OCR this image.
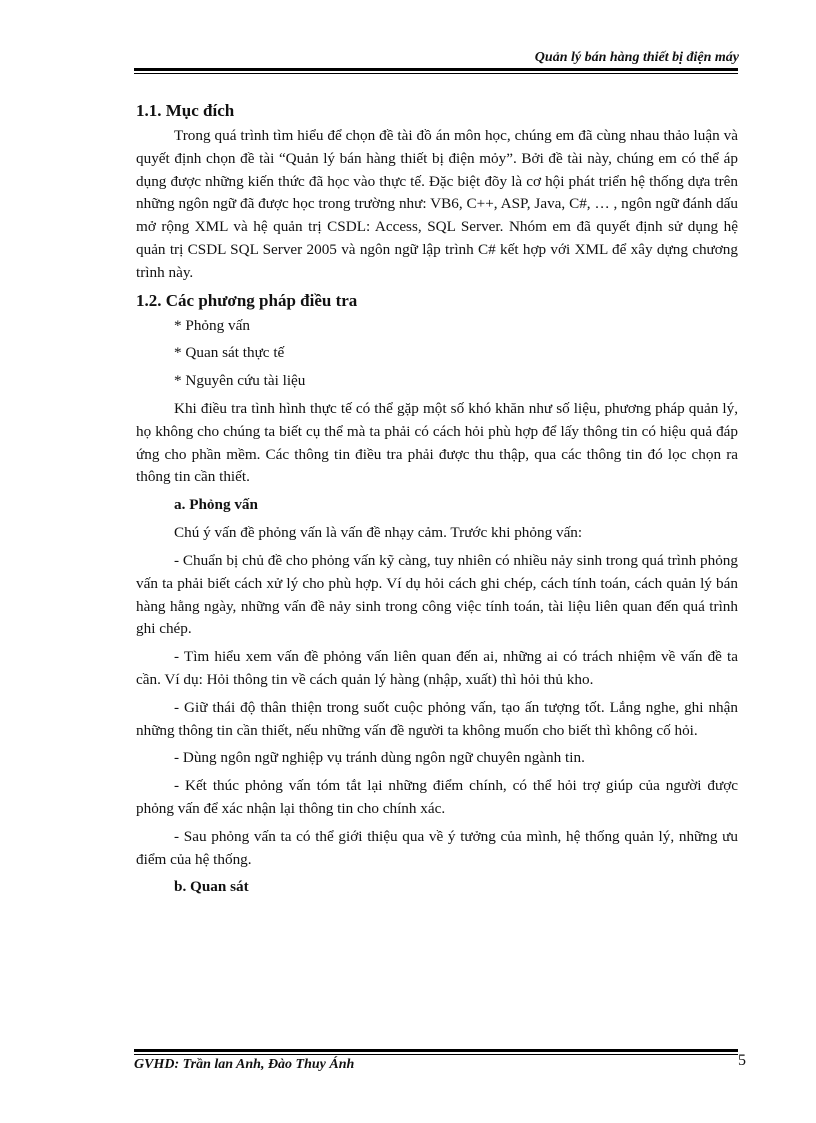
Quản lý bán hàng thiết bị điện máy
1.1. Mục đích

Trong quá trình tìm hiểu để chọn đề tài đồ án môn học, chúng em đã cùng nhau thảo luận và quyết định chọn đề tài “Quản lý bán hàng thiết bị điện mỏy”. Bởi đề tài này, chúng em có thể áp dụng được những kiến thức đã học vào thực tế. Đặc biệt đõy là cơ hội phát triển hệ thống dựa trên những ngôn ngữ đã được học trong trường như: VB6, C++, ASP, Java, C#, … , ngôn ngữ đánh dấu mở rộng XML và hệ quản trị CSDL: Access, SQL Server. Nhóm em đã quyết định sử dụng hệ quản trị CSDL SQL Server 2005 và ngôn ngữ lập trình C# kết hợp với XML để xây dựng chương trình này.

1.2. Các phương pháp điều tra
* Phỏng vấn
* Quan sát thực tế
* Nguyên cứu tài liệu

Khi điều tra tình hình thực tế có thể gặp một số khó khăn như số liệu, phương pháp quản lý, họ không cho chúng ta biết cụ thể mà ta phải có cách hỏi phù hợp để lấy thông tin có hiệu quả đáp ứng cho phần mềm. Các thông tin điều tra phải được thu thập, qua các thông tin đó lọc chọn ra thông tin cần thiết.

a. Phỏng vấn

Chú ý vấn đề phỏng vấn là vấn đề nhạy cảm. Trước khi phỏng vấn:

- Chuẩn bị chủ đề cho phỏng vấn kỹ càng, tuy nhiên có nhiều nảy sinh trong quá trình phỏng vấn ta phải biết cách xử lý cho phù hợp. Ví dụ hỏi cách ghi chép, cách tính toán, cách quản lý bán hàng hằng ngày, những vấn đề nảy sinh trong công việc tính toán, tài liệu liên quan đến quá trình ghi chép.

- Tìm hiểu xem vấn đề phỏng vấn liên quan đến ai, những ai có trách nhiệm về vấn đề ta cần. Ví dụ: Hỏi thông tin về cách quản lý hàng (nhập, xuất) thì hỏi thủ kho.

- Giữ thái độ thân thiện trong suốt cuộc phỏng vấn, tạo ấn tượng tốt. Lắng nghe, ghi nhận những thông tin cần thiết, nếu những vấn đề người ta không muốn cho biết thì không cố hỏi.

- Dùng ngôn ngữ nghiệp vụ tránh dùng ngôn ngữ chuyên ngành tin.

- Kết thúc phỏng vấn tóm tắt lại những điểm chính, có thể hỏi trợ giúp của người được phỏng vấn để xác nhận lại thông tin cho chính xác.

- Sau phỏng vấn ta có thể giới thiệu qua về ý tưởng của mình, hệ thống quản lý, những ưu điểm của hệ thống.

b. Quan sát
GVHD: Trần lan Anh, Đào Thuy Ánh	5
